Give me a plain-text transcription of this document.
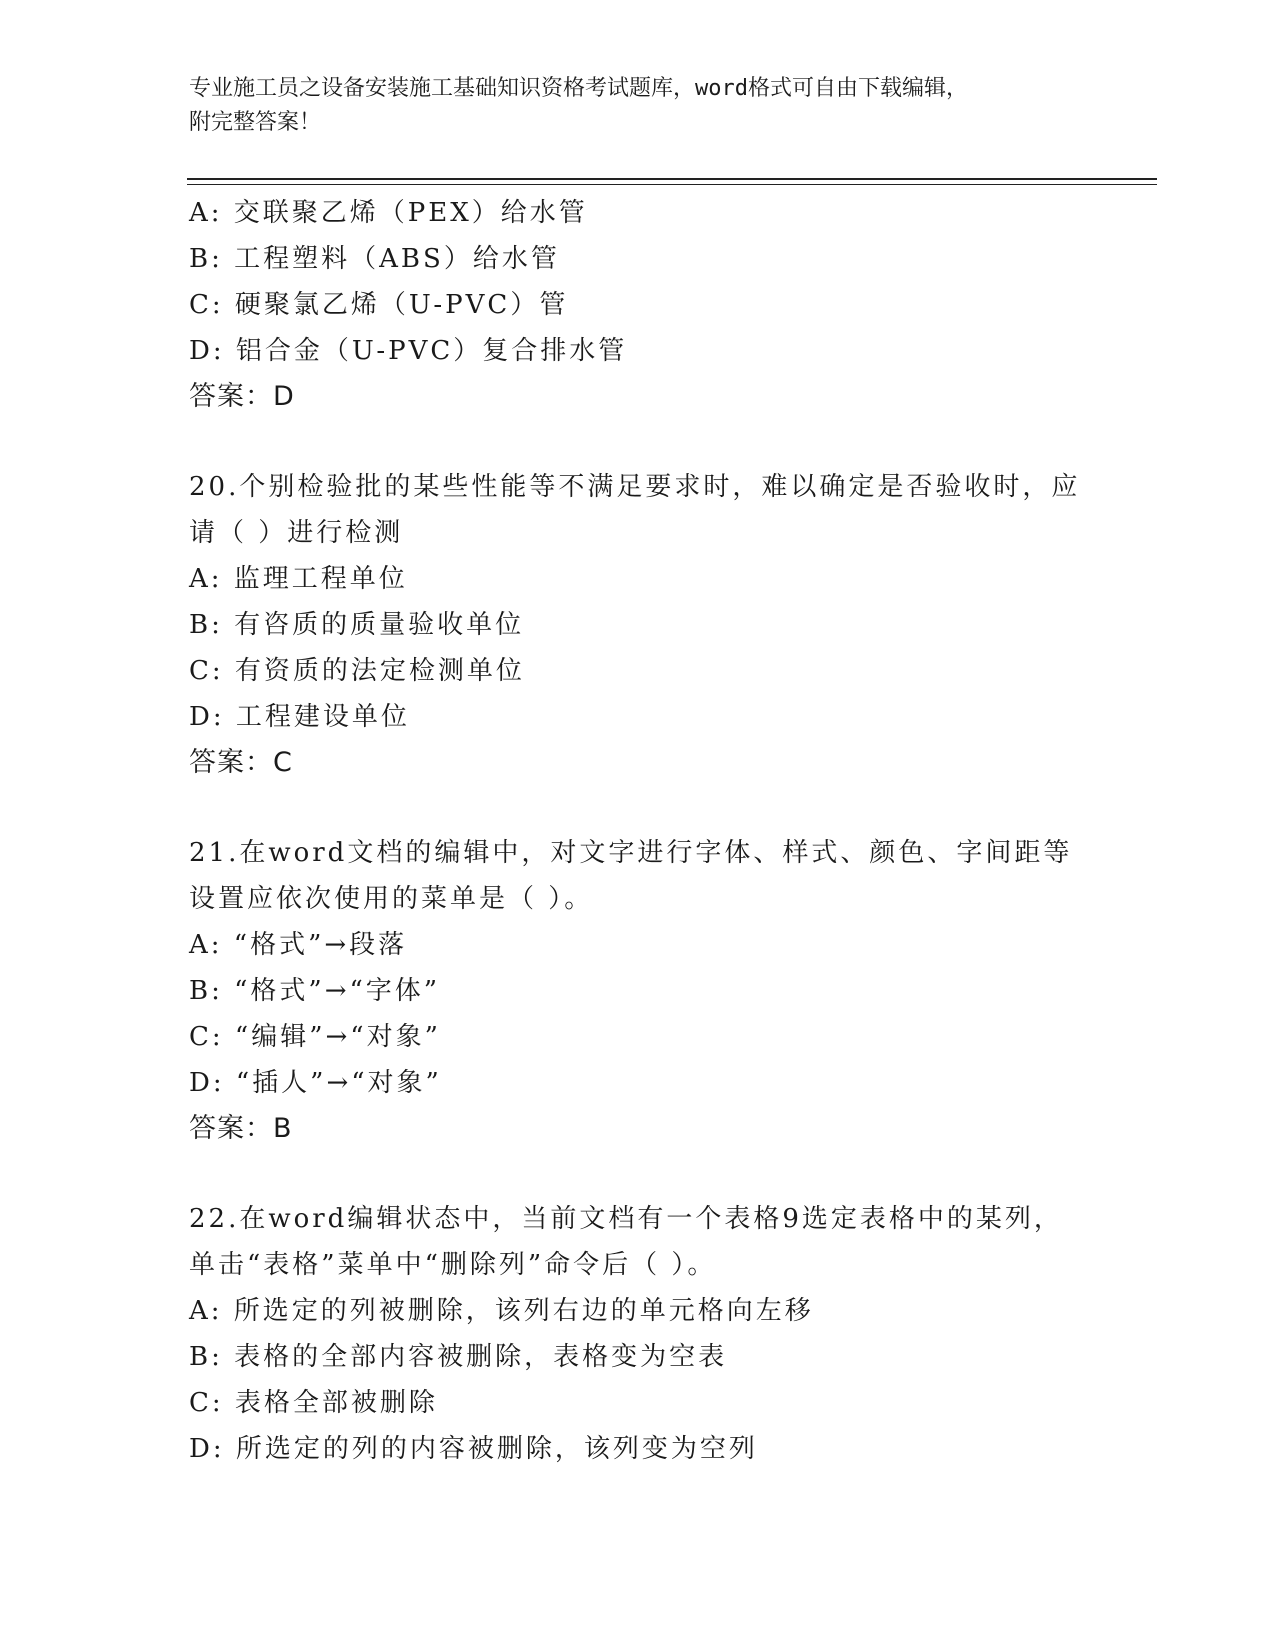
专业施工员之设备安装施工基础知识资格考试题库，word格式可自由下载编辑，
附完整答案！
A: 交联聚乙烯（PEX）给水管
B: 工程塑料（ABS）给水管
C: 硬聚氯乙烯（U-PVC）管
D: 铝合金（U-PVC）复合排水管
答案：D
20.个别检验批的某些性能等不满足要求时，难以确定是否验收时，应
请（ ）进行检测
A: 监理工程单位
B: 有咨质的质量验收单位
C: 有资质的法定检测单位
D: 工程建设单位
答案：C
21.在word文档的编辑中，对文字进行字体、样式、颜色、字间距等
设置应依次使用的菜单是（ ）。
A: “格式”→段落
B: “格式”→“字体”
C: “编辑”→“对象”
D: “插人”→“对象”
答案：B
22.在word编辑状态中，当前文档有一个表格9选定表格中的某列，
单击“表格”菜单中“删除列”命令后（ ）。
A: 所选定的列被删除，该列右边的单元格向左移
B: 表格的全部内容被删除，表格变为空表
C: 表格全部被删除
D: 所选定的列的内容被删除，该列变为空列
